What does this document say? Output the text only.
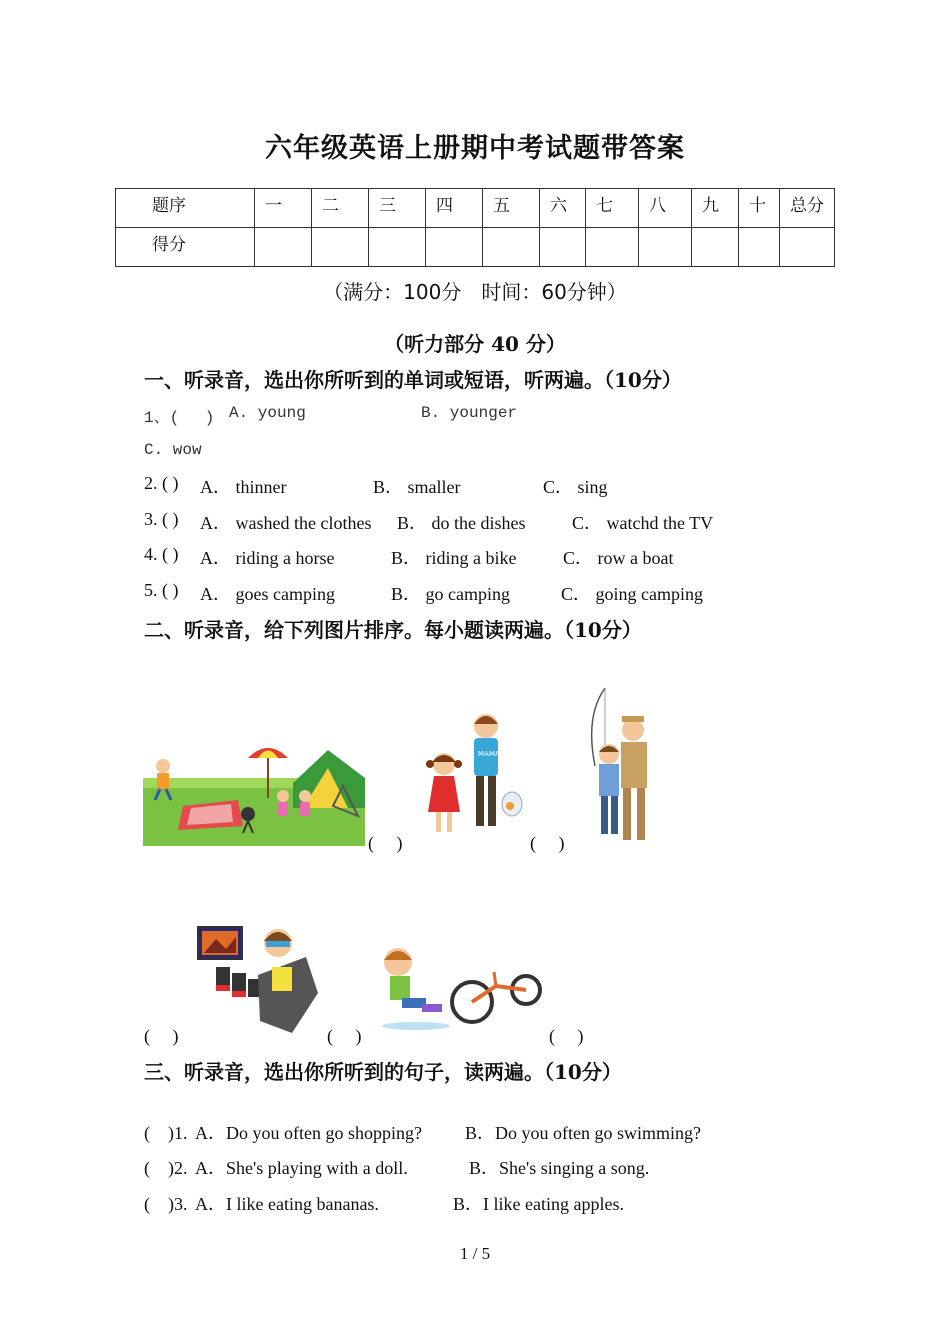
六年级英语上册期中考试题带答案
题序	一	二	三	四	五	六	七	八	九	十	总分
得分											
（满分：100分　时间：60分钟）
（听力部分 40 分）
一、听录音，选出你所听到的单词或短语，听两遍。（10分）
1、(　 ) A. young	B. younger
C. wow
2. ( ) A． thinner	B． smaller	C． sing
3. ( ) A． washed the clothes B． do the dishes	C． watchd the TV
4. ( ) A． riding a horse	B． riding a bike	C． row a boat
5. ( ) A． goes camping	B． go camping	C． going camping
二、听录音，给下列图片排序。每小题读两遍。（10分）
(　 )
MAMA
(　 )
(　 )	(　 )	(　 )
三、听录音，选出你所听到的句子，读两遍。（10分）
(　)1. A．Do you often go shopping? B．Do you often go swimming?
(　)2. A．She's playing with a doll.	B．She's singing a song.
(　)3. A．I like eating bananas.	B．I like eating apples.
1 / 5
